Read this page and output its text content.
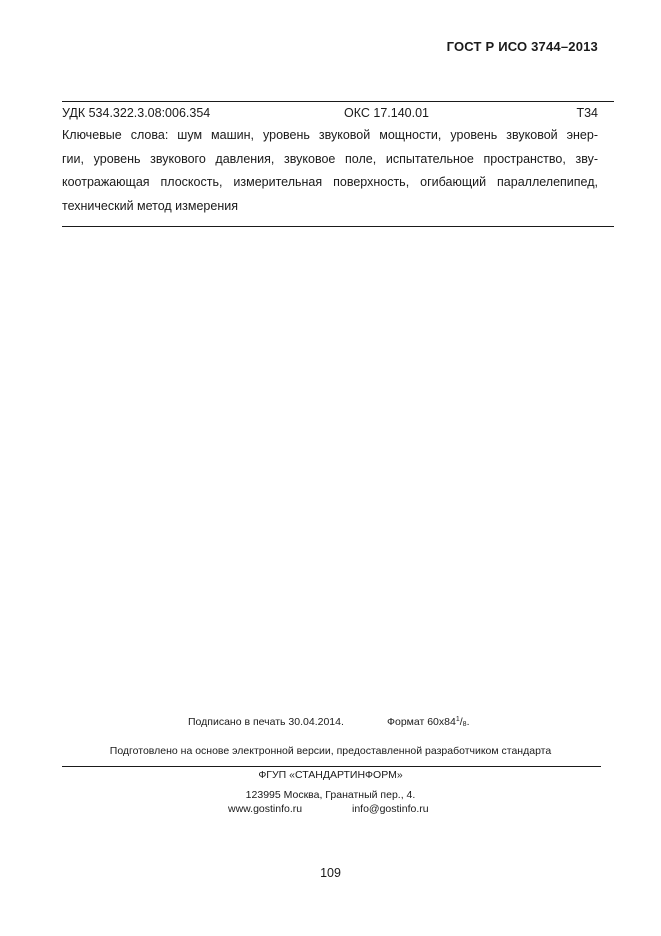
ГОСТ Р ИСО 3744–2013
УДК 534.322.3.08:006.354	ОКС 17.140.01	Т34
Ключевые слова: шум машин, уровень звуковой мощности, уровень звуковой энер-
гии, уровень звукового давления, звуковое поле, испытательное пространство, зву-
коотражающая плоскость, измерительная поверхность, огибающий параллелепипед,
технический метод измерения
Подписано в печать 30.04.2014.	Формат $60х84^1/_8$.
Подготовлено на основе электронной версии, предоставленной разработчиком стандарта
ФГУП «СТАНДАРТИНФОРМ»
123995 Москва, Гранатный пер., 4.
www.gostinfo.ru	info@gostinfo.ru
109
